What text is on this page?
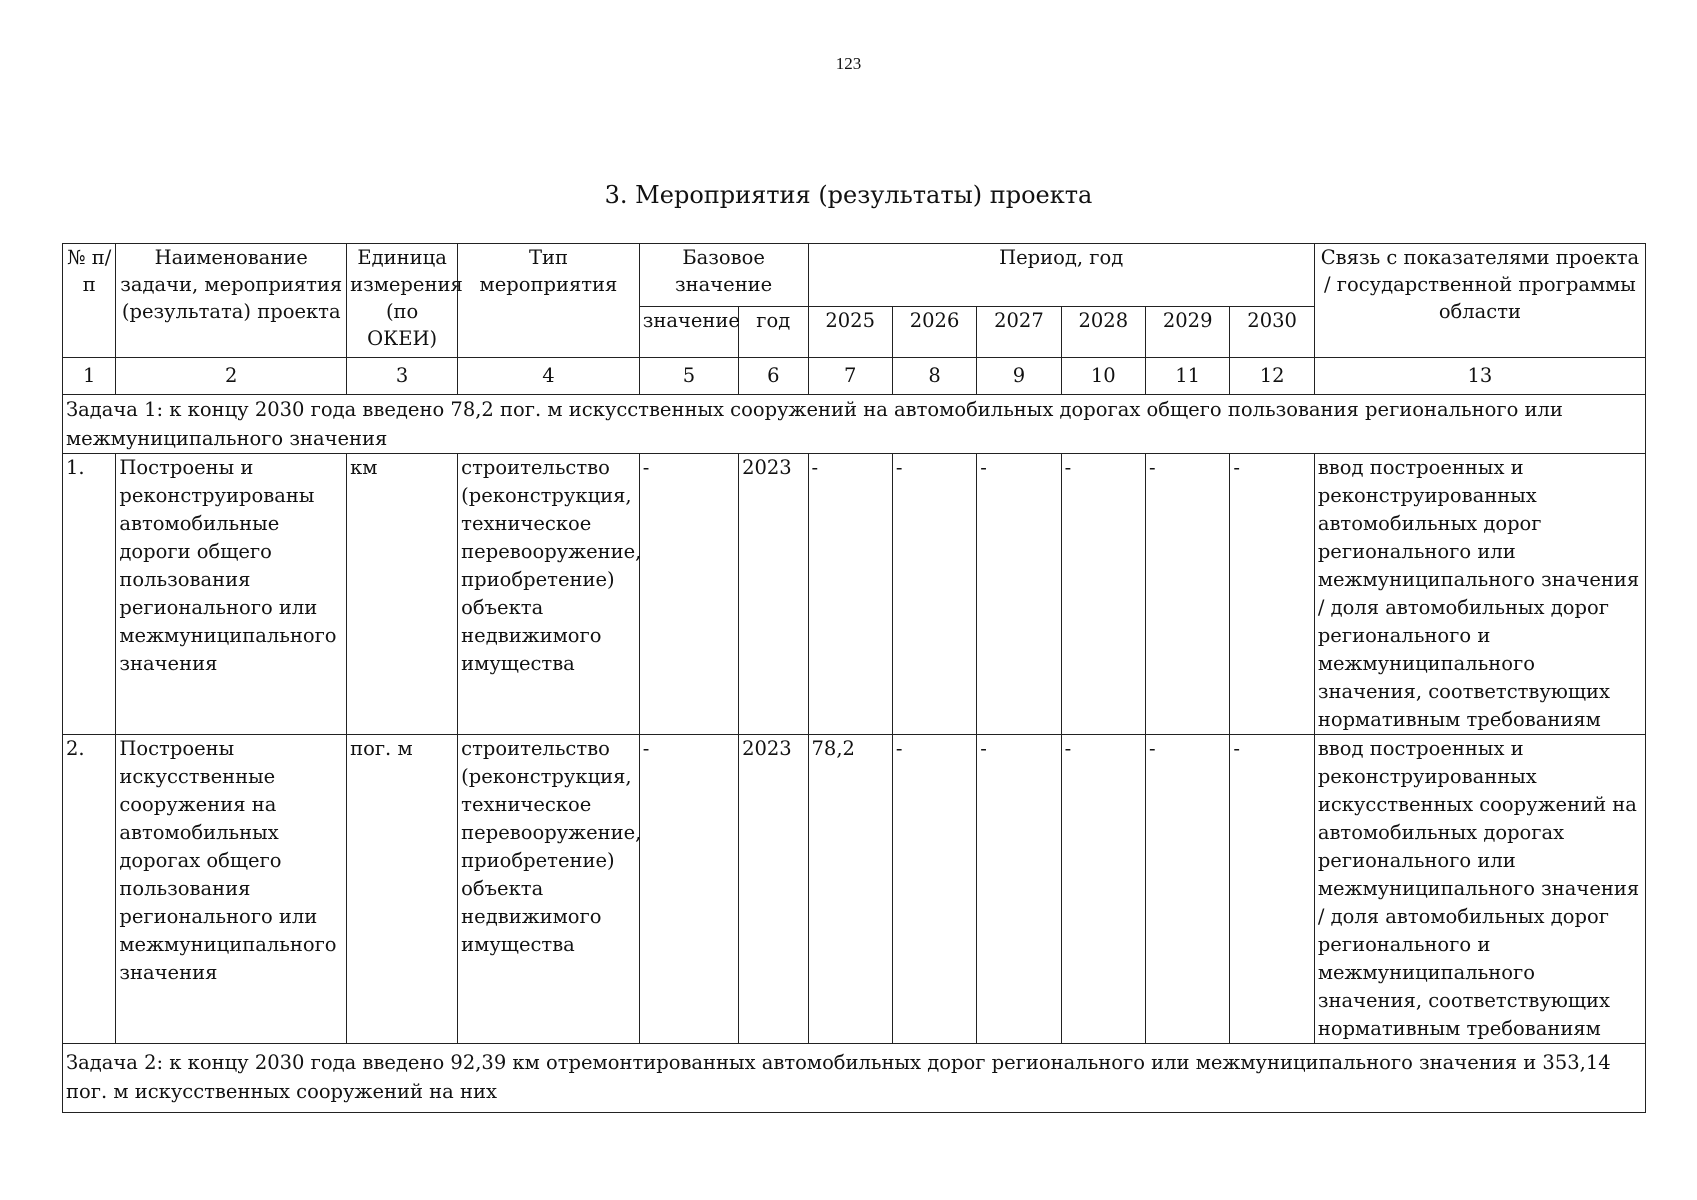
123
3. Мероприятия (результаты) проекта
№ п/п	Наименование задачи, мероприятия (результата) проекта	Единица измерения (по ОКЕИ)	Тип мероприятия	Базовое значение		Период, год						Связь с показателями проекта / государственной программы области
				значение	год	2025	2026	2027	2028	2029	2030	
1	2	3	4	5	6	7	8	9	10	11	12	13
Задача 1: к концу 2030 года введено 78,2 пог. м искусственных сооружений на автомобильных дорогах общего пользования регионального или межмуниципального значения												
1.	Построены и реконструированы автомобильные дороги общего пользования регионального или межмуниципального значения	км	строительство (реконструкция, техническое перевооружение, приобретение) объекта недвижимого имущества	-	2023	-	-	-	-	-	-	ввод построенных и реконструированных автомобильных дорог регионального или межмуниципального значения / доля автомобильных дорог регионального и межмуниципального значения, соответствующих нормативным требованиям
2.	Построены искусственные сооружения на автомобильных дорогах общего пользования регионального или межмуниципального значения	пог. м	строительство (реконструкция, техническое перевооружение, приобретение) объекта недвижимого имущества	-	2023	78,2	-	-	-	-	-	ввод построенных и реконструированных искусственных сооружений на автомобильных дорогах регионального или межмуниципального значения / доля автомобильных дорог регионального и межмуниципального значения, соответствующих нормативным требованиям
Задача 2: к концу 2030 года введено 92,39 км отремонтированных автомобильных дорог регионального или межмуниципального значения и 353,14 пог. м искусственных сооружений на них												
